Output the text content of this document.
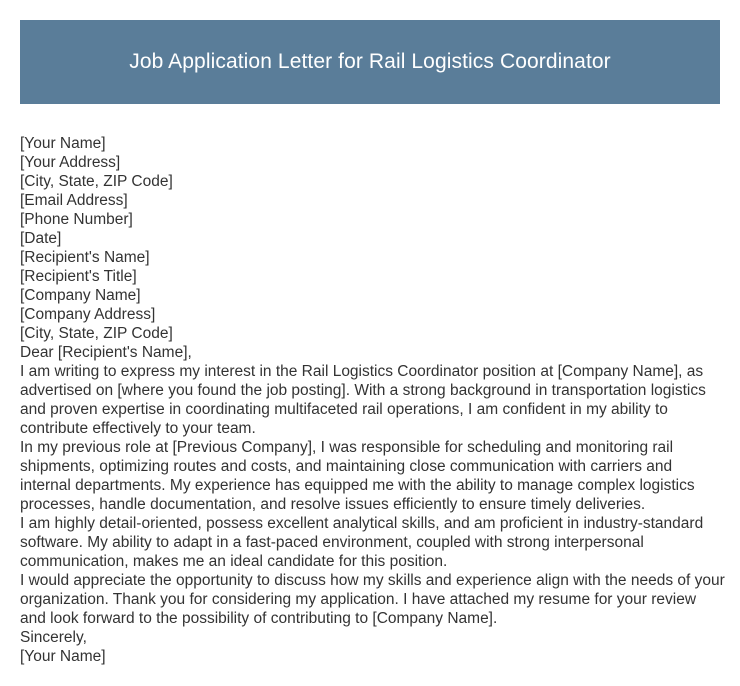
Job Application Letter for Rail Logistics Coordinator
[Your Name]
[Your Address]
[City, State, ZIP Code]
[Email Address]
[Phone Number]
[Date]
[Recipient's Name]
[Recipient's Title]
[Company Name]
[Company Address]
[City, State, ZIP Code]
Dear [Recipient's Name],
I am writing to express my interest in the Rail Logistics Coordinator position at [Company Name], as advertised on [where you found the job posting]. With a strong background in transportation logistics and proven expertise in coordinating multifaceted rail operations, I am confident in my ability to contribute effectively to your team.
In my previous role at [Previous Company], I was responsible for scheduling and monitoring rail shipments, optimizing routes and costs, and maintaining close communication with carriers and internal departments. My experience has equipped me with the ability to manage complex logistics processes, handle documentation, and resolve issues efficiently to ensure timely deliveries.
I am highly detail-oriented, possess excellent analytical skills, and am proficient in industry-standard software. My ability to adapt in a fast-paced environment, coupled with strong interpersonal communication, makes me an ideal candidate for this position.
I would appreciate the opportunity to discuss how my skills and experience align with the needs of your organization. Thank you for considering my application. I have attached my resume for your review and look forward to the possibility of contributing to [Company Name].
Sincerely,
[Your Name]
